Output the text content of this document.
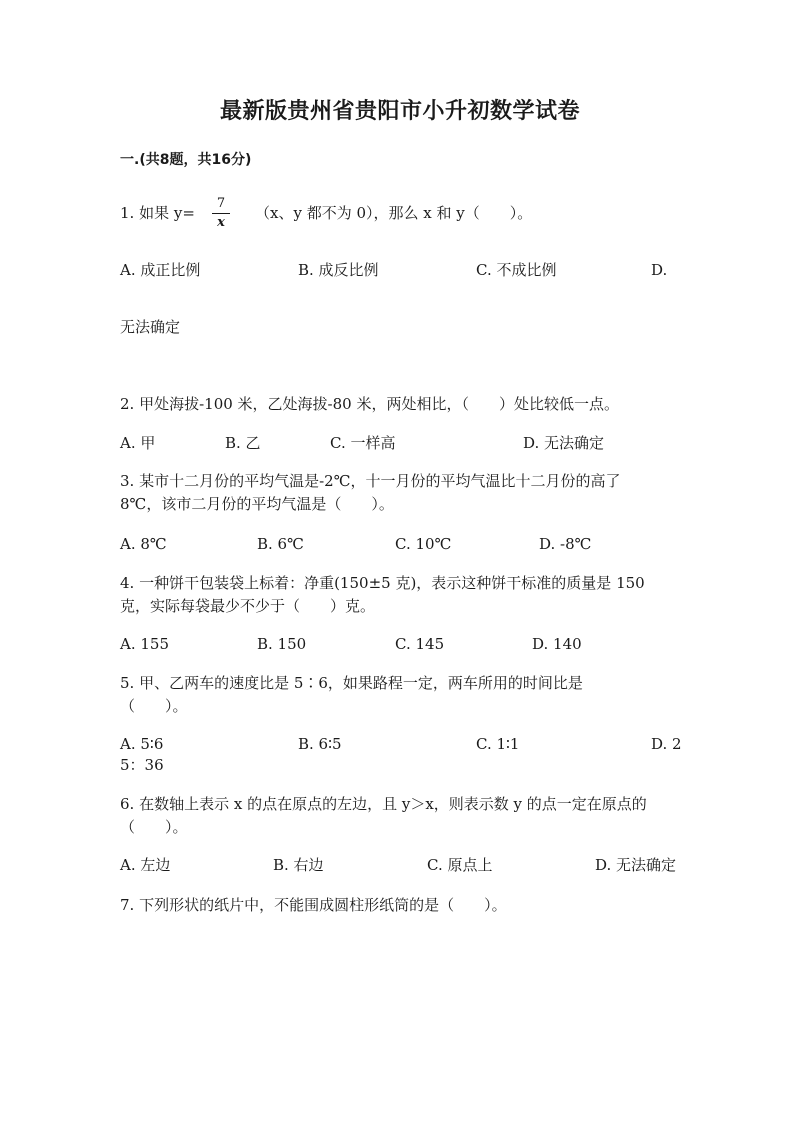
最新版贵州省贵阳市小升初数学试卷
一.(共8题，共16分)
1. 如果 y=
7
x
（x、y 都不为 0），那么 x 和 y（　　）。
A. 成正比例	B. 成反比例	C. 不成比例	D.
无法确定
2. 甲处海拔-100 米，乙处海拔-80 米，两处相比，（　　）处比较低一点。
A. 甲	B. 乙	C. 一样高	D. 无法确定
3. 某市十二月份的平均气温是-2℃，十一月份的平均气温比十二月份的高了
8℃，该市二月份的平均气温是（　　）。
A. 8℃	B. 6℃	C. 10℃	D. -8℃
4. 一种饼干包装袋上标着：净重(150±5 克)，表示这种饼干标准的质量是 150
克，实际每袋最少不少于（　　）克。
A. 155	B. 150	C. 145	D. 140
5. 甲、乙两车的速度比是 5∶6，如果路程一定，两车所用的时间比是
（　　）。
A. 5∶6	B. 6∶5	C. 1∶1	D. 2
5：36
6. 在数轴上表示 x 的点在原点的左边，且 y＞x，则表示数 y 的点一定在原点的
（　　）。
A. 左边	B. 右边	C. 原点上	D. 无法确定
7. 下列形状的纸片中，不能围成圆柱形纸筒的是（　　）。
